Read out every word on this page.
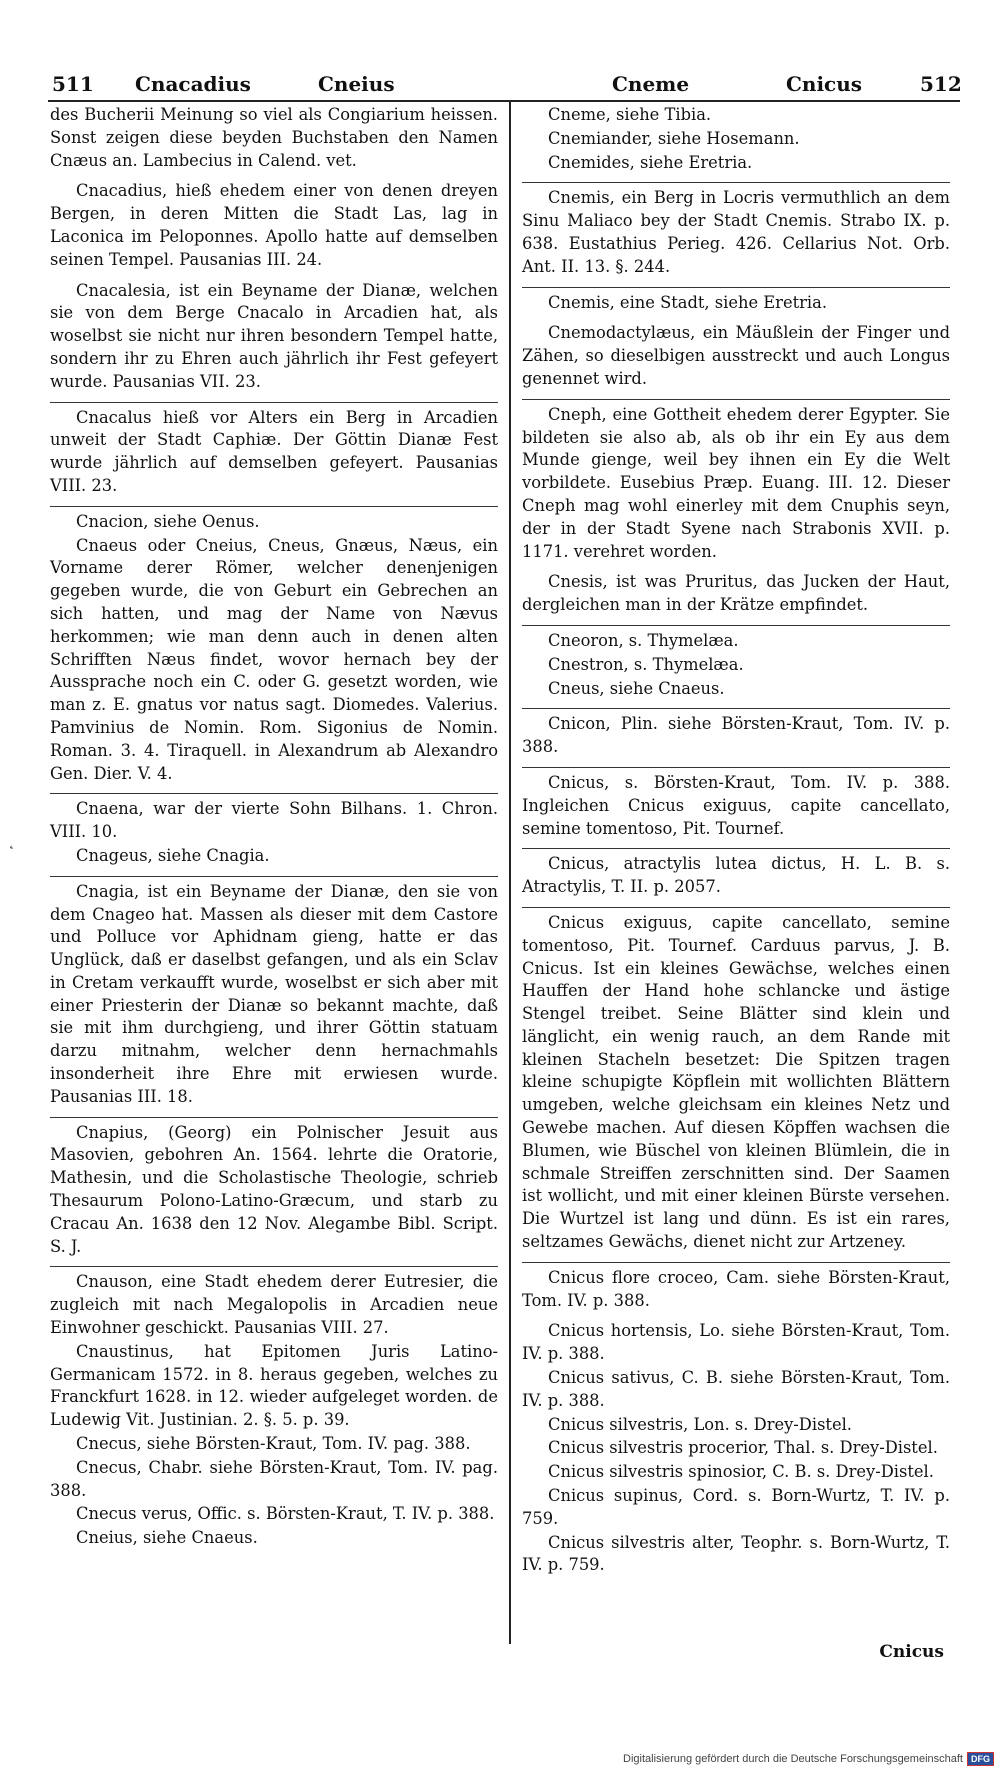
511 Cnacadius	Cneius	Cneme	Cnicus	512
˛

des Bucherii Meinung so viel als Congiarium heissen. Sonst zeigen diese beyden Buchstaben den Namen Cnæus an. Lambecius in Calend. vet.

Cnacadius, hieß ehedem einer von denen dreyen Bergen, in deren Mitten die Stadt Las, lag in Laconica im Peloponnes. Apollo hatte auf demselben seinen Tempel. Pausanias III. 24.

Cnacalesia, ist ein Beyname der Dianæ, welchen sie von dem Berge Cnacalo in Arcadien hat, als woselbst sie nicht nur ihren besondern Tempel hatte, sondern ihr zu Ehren auch jährlich ihr Fest gefeyert wurde. Pausanias VII. 23.

Cnacalus hieß vor Alters ein Berg in Arcadien unweit der Stadt Caphiæ. Der Göttin Dianæ Fest wurde jährlich auf demselben gefeyert. Pausanias VIII. 23.

Cnacion, siehe Oenus.

Cnaeus oder Cneius, Cneus, Gnæus, Næus, ein Vorname derer Römer, welcher denenjenigen gegeben wurde, die von Geburt ein Gebrechen an sich hatten, und mag der Name von Nævus herkommen; wie man denn auch in denen alten Schrifften Næus findet, wovor hernach bey der Aussprache noch ein C. oder G. gesetzt worden, wie man z. E. gnatus vor natus sagt. Diomedes. Valerius. Pamvinius de Nomin. Rom. Sigonius de Nomin. Roman. 3. 4. Tiraquell. in Alexandrum ab Alexandro Gen. Dier. V. 4.

Cnaena, war der vierte Sohn Bilhans. 1. Chron. VIII. 10.

Cnageus, siehe Cnagia.

Cnagia, ist ein Beyname der Dianæ, den sie von dem Cnageo hat. Massen als dieser mit dem Castore und Polluce vor Aphidnam gieng, hatte er das Unglück, daß er daselbst gefangen, und als ein Sclav in Cretam verkaufft wurde, woselbst er sich aber mit einer Priesterin der Dianæ so bekannt machte, daß sie mit ihm durchgieng, und ihrer Göttin statuam darzu mitnahm, welcher denn hernachmahls insonderheit ihre Ehre mit erwiesen wurde. Pausanias III. 18.

Cnapius, (Georg) ein Polnischer Jesuit aus Masovien, gebohren An. 1564. lehrte die Oratorie, Mathesin, und die Scholastische Theologie, schrieb Thesaurum Polono-Latino-Græcum, und starb zu Cracau An. 1638 den 12 Nov. Alegambe Bibl. Script. S. J.

Cnauson, eine Stadt ehedem derer Eutresier, die zugleich mit nach Megalopolis in Arcadien neue Einwohner geschickt. Pausanias VIII. 27.

Cnaustinus, hat Epitomen Juris Latino-Germanicam 1572. in 8. heraus gegeben, welches zu Franckfurt 1628. in 12. wieder aufgeleget worden. de Ludewig Vit. Justinian. 2. §. 5. p. 39.

Cnecus, siehe Börsten-Kraut, Tom. IV. pag. 388.

Cnecus, Chabr. siehe Börsten-Kraut, Tom. IV. pag. 388.

Cnecus verus, Offic. s. Börsten-Kraut, T. IV. p. 388.

Cneius, siehe Cnaeus.

Cneme, siehe Tibia.

Cnemiander, siehe Hosemann.

Cnemides, siehe Eretria.

Cnemis, ein Berg in Locris vermuthlich an dem Sinu Maliaco bey der Stadt Cnemis. Strabo IX. p. 638. Eustathius Perieg. 426. Cellarius Not. Orb. Ant. II. 13. §. 244.

Cnemis, eine Stadt, siehe Eretria.

Cnemodactylæus, ein Mäußlein der Finger und Zähen, so dieselbigen ausstreckt und auch Longus genennet wird.

Cneph, eine Gottheit ehedem derer Egypter. Sie bildeten sie also ab, als ob ihr ein Ey aus dem Munde gienge, weil bey ihnen ein Ey die Welt vorbildete. Eusebius Præp. Euang. III. 12. Dieser Cneph mag wohl einerley mit dem Cnuphis seyn, der in der Stadt Syene nach Strabonis XVII. p. 1171. verehret worden.

Cnesis, ist was Pruritus, das Jucken der Haut, dergleichen man in der Krätze empfindet.

Cneoron, s. Thymelæa.

Cnestron, s. Thymelæa.

Cneus, siehe Cnaeus.

Cnicon, Plin. siehe Börsten-Kraut, Tom. IV. p. 388.

Cnicus, s. Börsten-Kraut, Tom. IV. p. 388. Ingleichen Cnicus exiguus, capite cancellato, semine tomentoso, Pit. Tournef.

Cnicus, atractylis lutea dictus, H. L. B. s. Atractylis, T. II. p. 2057.

Cnicus exiguus, capite cancellato, semine tomentoso, Pit. Tournef. Carduus parvus, J. B. Cnicus. Ist ein kleines Gewächse, welches einen Hauffen der Hand hohe schlancke und ästige Stengel treibet. Seine Blätter sind klein und länglicht, ein wenig rauch, an dem Rande mit kleinen Stacheln besetzet: Die Spitzen tragen kleine schupigte Köpflein mit wollichten Blättern umgeben, welche gleichsam ein kleines Netz und Gewebe machen. Auf diesen Köpffen wachsen die Blumen, wie Büschel von kleinen Blümlein, die in schmale Streiffen zerschnitten sind. Der Saamen ist wollicht, und mit einer kleinen Bürste versehen. Die Wurtzel ist lang und dünn. Es ist ein rares, seltzames Gewächs, dienet nicht zur Artzeney.

Cnicus flore croceo, Cam. siehe Börsten-Kraut, Tom. IV. p. 388.

Cnicus hortensis, Lo. siehe Börsten-Kraut, Tom. IV. p. 388.

Cnicus sativus, C. B. siehe Börsten-Kraut, Tom. IV. p. 388.

Cnicus silvestris, Lon. s. Drey-Distel.

Cnicus silvestris procerior, Thal. s. Drey-Distel.

Cnicus silvestris spinosior, C. B. s. Drey-Distel.

Cnicus supinus, Cord. s. Born-Wurtz, T. IV. p. 759.

Cnicus silvestris alter, Teophr. s. Born-Wurtz, T. IV. p. 759.

Cnicus
Digitalisierung gefördert durch die Deutsche Forschungsgemeinschaft DFG
